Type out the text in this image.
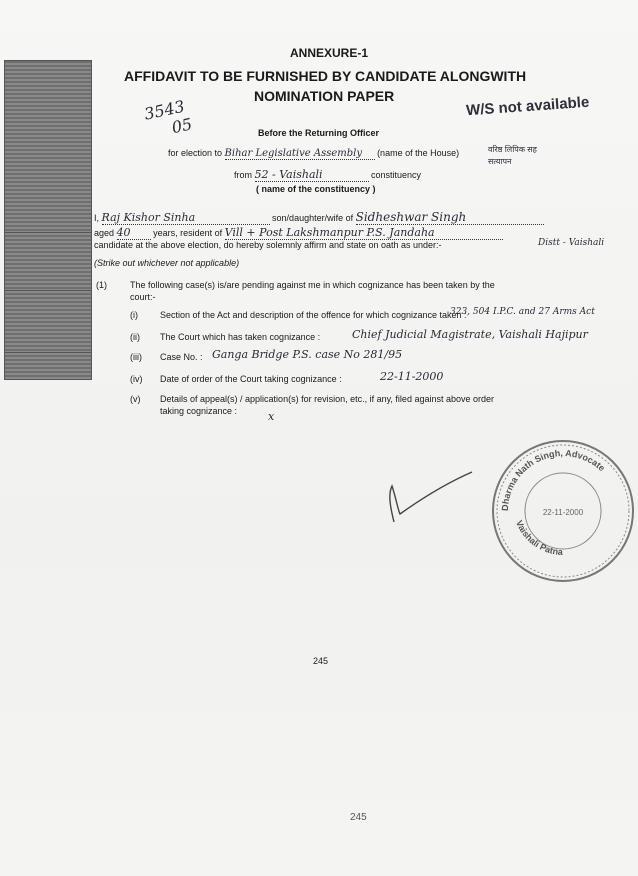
ANNEXURE-1
AFFIDAVIT TO BE FURNISHED BY CANDIDATE ALONGWITH
NOMINATION PAPER
3543
05
W/S not available
वरिष्ठ लिपिक सह सत्यापन
Before the Returning Officer
for election to Bihar Legislative Assembly (name of the House)
from 52 - Vaishali	constituency
( name of the constituency )
I, Raj Kishor Sinha	son/daughter/wife of Sidheshwar Singh
aged 40	years, resident of Vill + Post Lakshmanpur P.S. Jandaha
candidate at the above election, do hereby solemnly affirm and state on oath as under:-	Distt - Vaishali
(Strike out whichever not applicable)
(1)	The following case(s) is/are pending against me in which cognizance has been taken by the
court:-
(i) Section of the Act and description of the offence for which cognizance taken :
323, 504 I.P.C. and 27 Arms Act
(ii) The Court which has taken cognizance :	Chief Judicial Magistrate, Vaishali Hajipur
(iii) Case No. : Ganga Bridge P.S. case No 281/95
(iv) Date of order of the Court taking cognizance :	22-11-2000
(v) Details of appeal(s) / application(s) for revision, etc., if any, filed against above order
taking cognizance :	x
Dharma Nath Singh, Advocate
Vaishali Patna
22-11-2000
245
245
